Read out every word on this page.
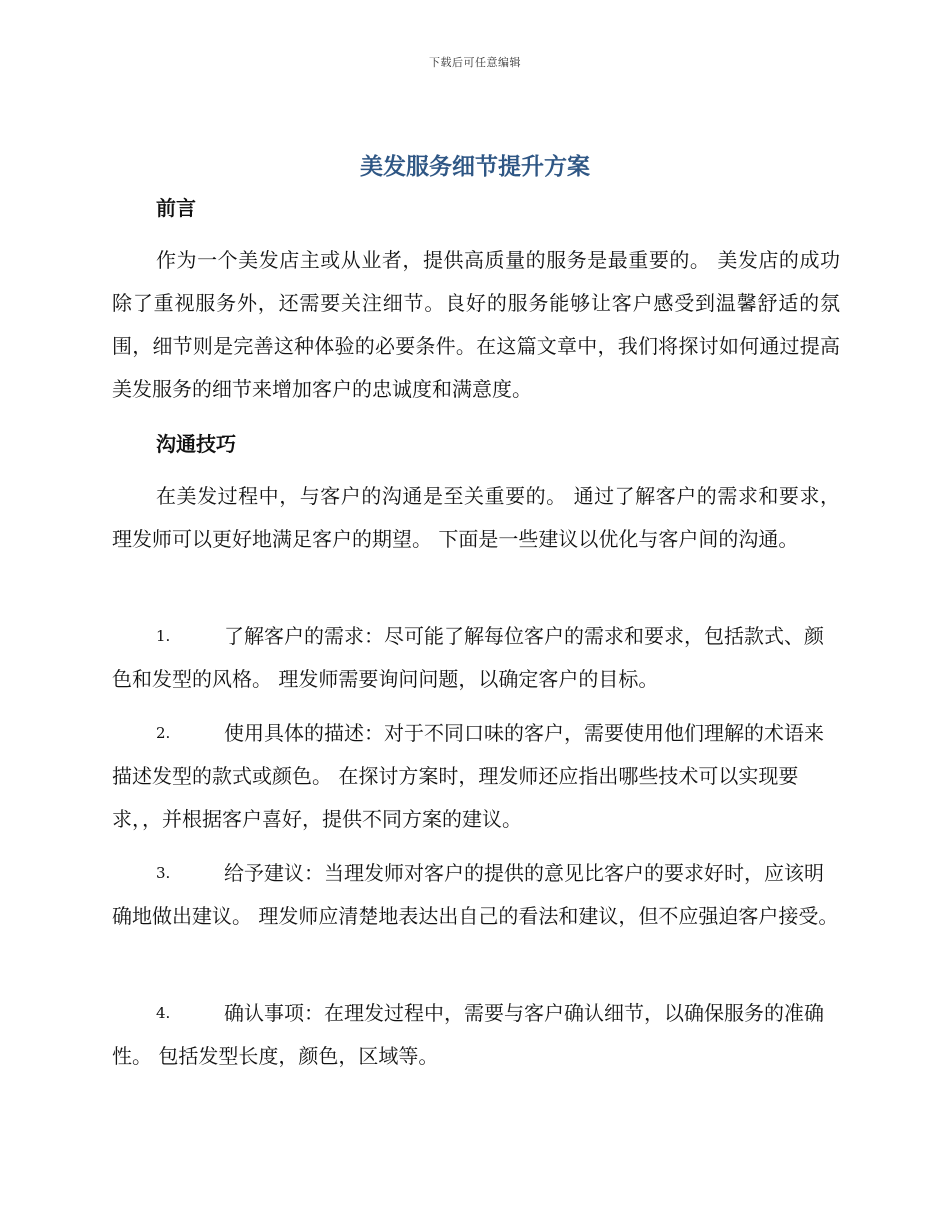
下载后可任意编辑
美发服务细节提升方案
前言

作为一个美发店主或从业者，提供高质量的服务是最重要的。 美发店的成功除了重视服务外，还需要关注细节。良好的服务能够让客户感受到温馨舒适的氛围，细节则是完善这种体验的必要条件。在这篇文章中，我们将探讨如何通过提高美发服务的细节来增加客户的忠诚度和满意度。

沟通技巧

在美发过程中，与客户的沟通是至关重要的。 通过了解客户的需求和要求，理发师可以更好地满足客户的期望。 下面是一些建议以优化与客户间的沟通。

1.	了解客户的需求：尽可能了解每位客户的需求和要求，包括款式、颜色和发型的风格。 理发师需要询问问题，以确定客户的目标。
2.	使用具体的描述：对于不同口味的客户，需要使用他们理解的术语来描述发型的款式或颜色。 在探讨方案时，理发师还应指出哪些技术可以实现要求，，并根据客户喜好，提供不同方案的建议。
3.	给予建议：当理发师对客户的提供的意见比客户的要求好时，应该明确地做出建议。 理发师应清楚地表达出自己的看法和建议，但不应强迫客户接受。
4.	确认事项：在理发过程中，需要与客户确认细节，以确保服务的准确性。 包括发型长度，颜色，区域等。
